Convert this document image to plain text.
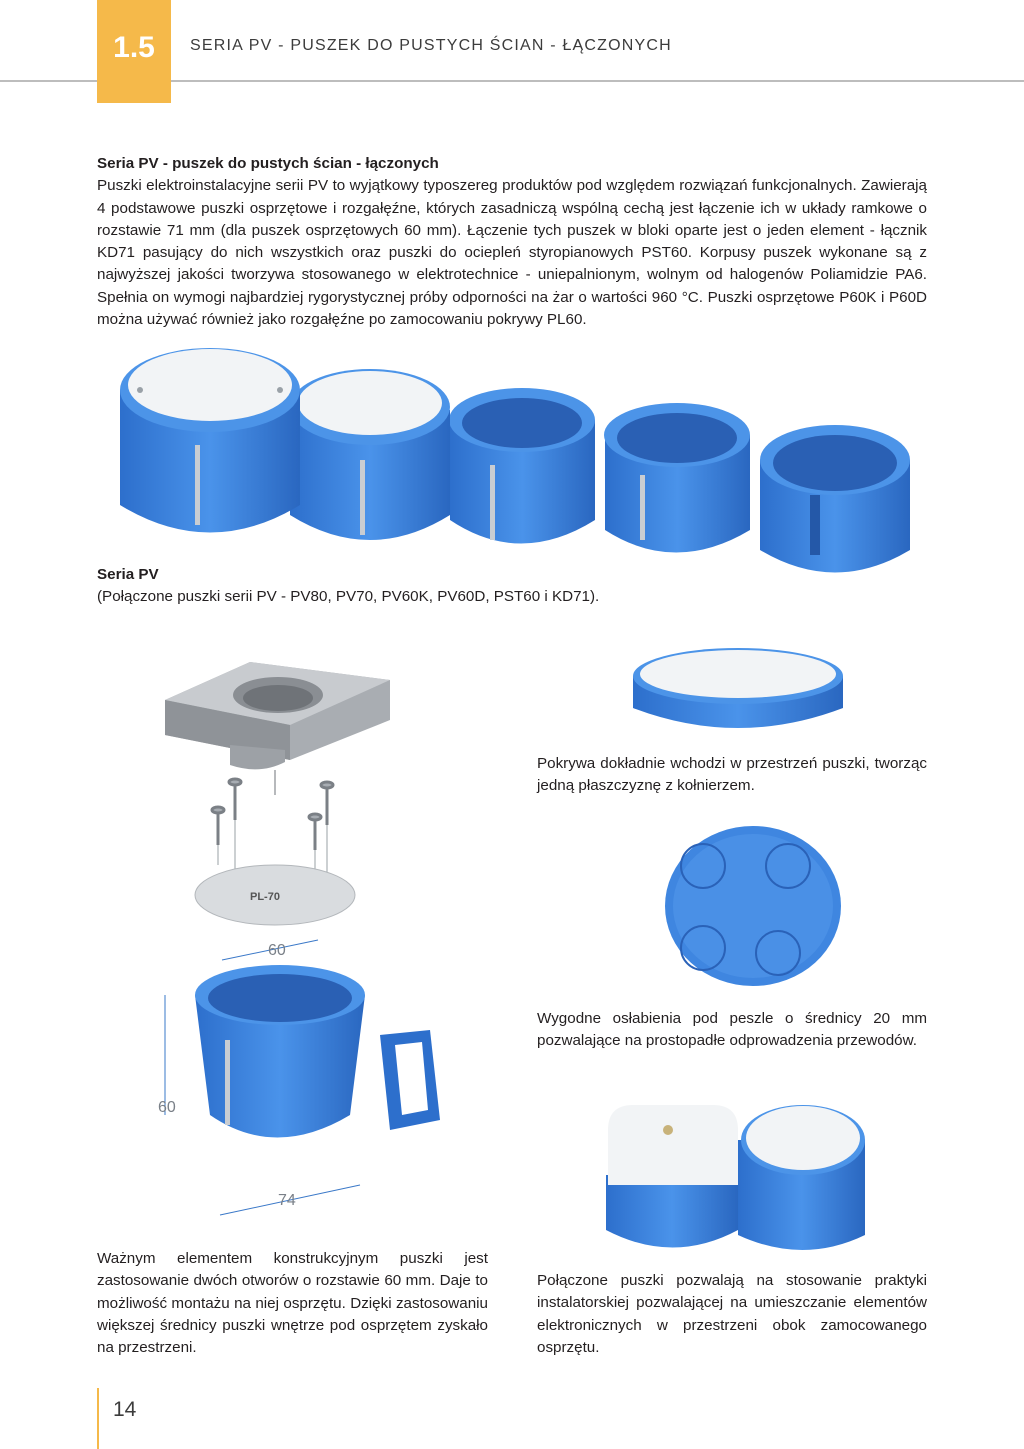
1.5	SERIA PV - PUSZEK DO PUSTYCH ŚCIAN - ŁĄCZONYCH

Seria PV - puszek do pustych ścian - łączonych

Puszki elektroinstalacyjne serii PV to wyjątkowy typoszereg produktów pod względem rozwiązań funkcjonalnych. Zawierają 4 podstawowe puszki osprzętowe i rozgałęźne, których zasadniczą wspólną cechą jest łączenie ich w układy ramkowe o rozstawie 71 mm (dla puszek osprzętowych 60 mm). Łączenie tych puszek w bloki oparte jest o jeden element - łącznik KD71 pasujący do nich wszystkich oraz puszki do ociepleń styropianowych PST60. Korpusy puszek wykonane są z najwyższej jakości tworzywa stosowanego w elektrotechnice - uniepalnionym, wolnym od halogenów Poliamidzie PA6. Spełnia on wymogi najbardziej rygorystycznej próby odporności na żar o wartości 960 °C. Puszki osprzętowe P60K i P60D można używać również jako rozgałęźne po zamocowaniu pokrywy PL60.

Seria PV

(Połączone puszki serii PV - PV80, PV70, PV60K, PV60D, PST60 i KD71).

PL-70
60
60
74
Pokrywa dokładnie wchodzi w przestrzeń puszki, tworząc jedną płaszczyznę z kołnierzem.
Wygodne osłabienia pod peszle o średnicy 20 mm pozwalające na prostopadłe odprowadzenia przewodów.
Ważnym elementem konstrukcyjnym puszki jest zastosowanie dwóch otworów o rozstawie 60 mm. Daje to możliwość montażu na niej osprzętu. Dzięki zastosowaniu większej średnicy puszki wnętrze pod osprzętem zyskało na przestrzeni.
Połączone puszki pozwalają na stosowanie praktyki instalatorskiej pozwalającej na umieszczanie elementów elektronicznych w przestrzeni obok zamocowanego osprzętu.
14
